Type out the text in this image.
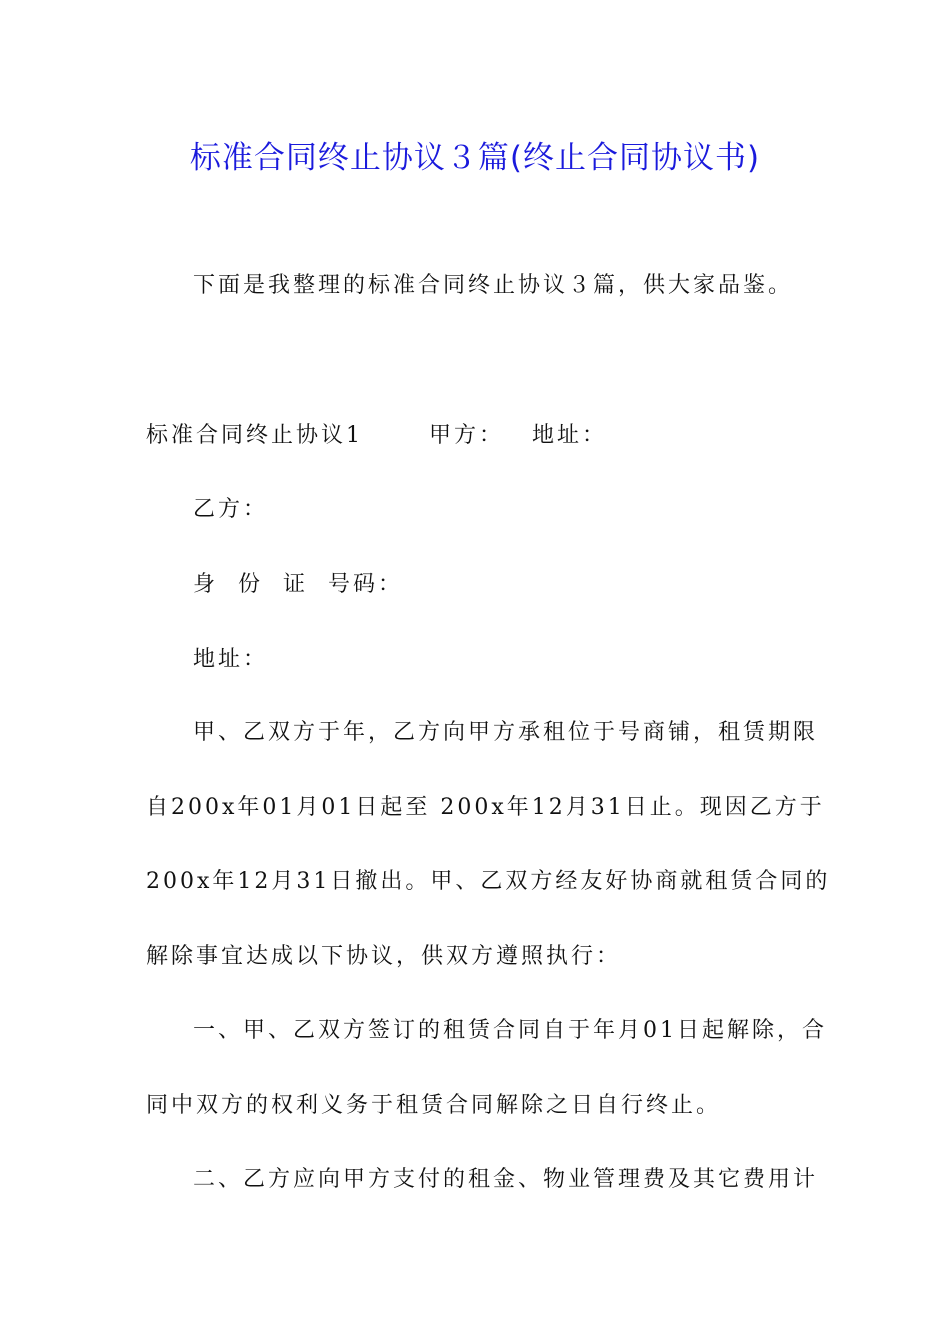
标准合同终止协议３篇(终止合同协议书)
下面是我整理的标准合同终止协议３篇，供大家品鉴。
标准合同终止协议1	甲方： 地址：
乙方：
身  份  证  号码：
地址：
甲、乙双方于年，乙方向甲方承租位于号商铺，租赁期限
自200x年01月01日起至 200x年12月31日止。现因乙方于
200x年12月31日撤出。甲、乙双方经友好协商就租赁合同的
解除事宜达成以下协议，供双方遵照执行：
一、甲、乙双方签订的租赁合同自于年月01日起解除，合
同中双方的权利义务于租赁合同解除之日自行终止。
二、乙方应向甲方支付的租金、物业管理费及其它费用计
